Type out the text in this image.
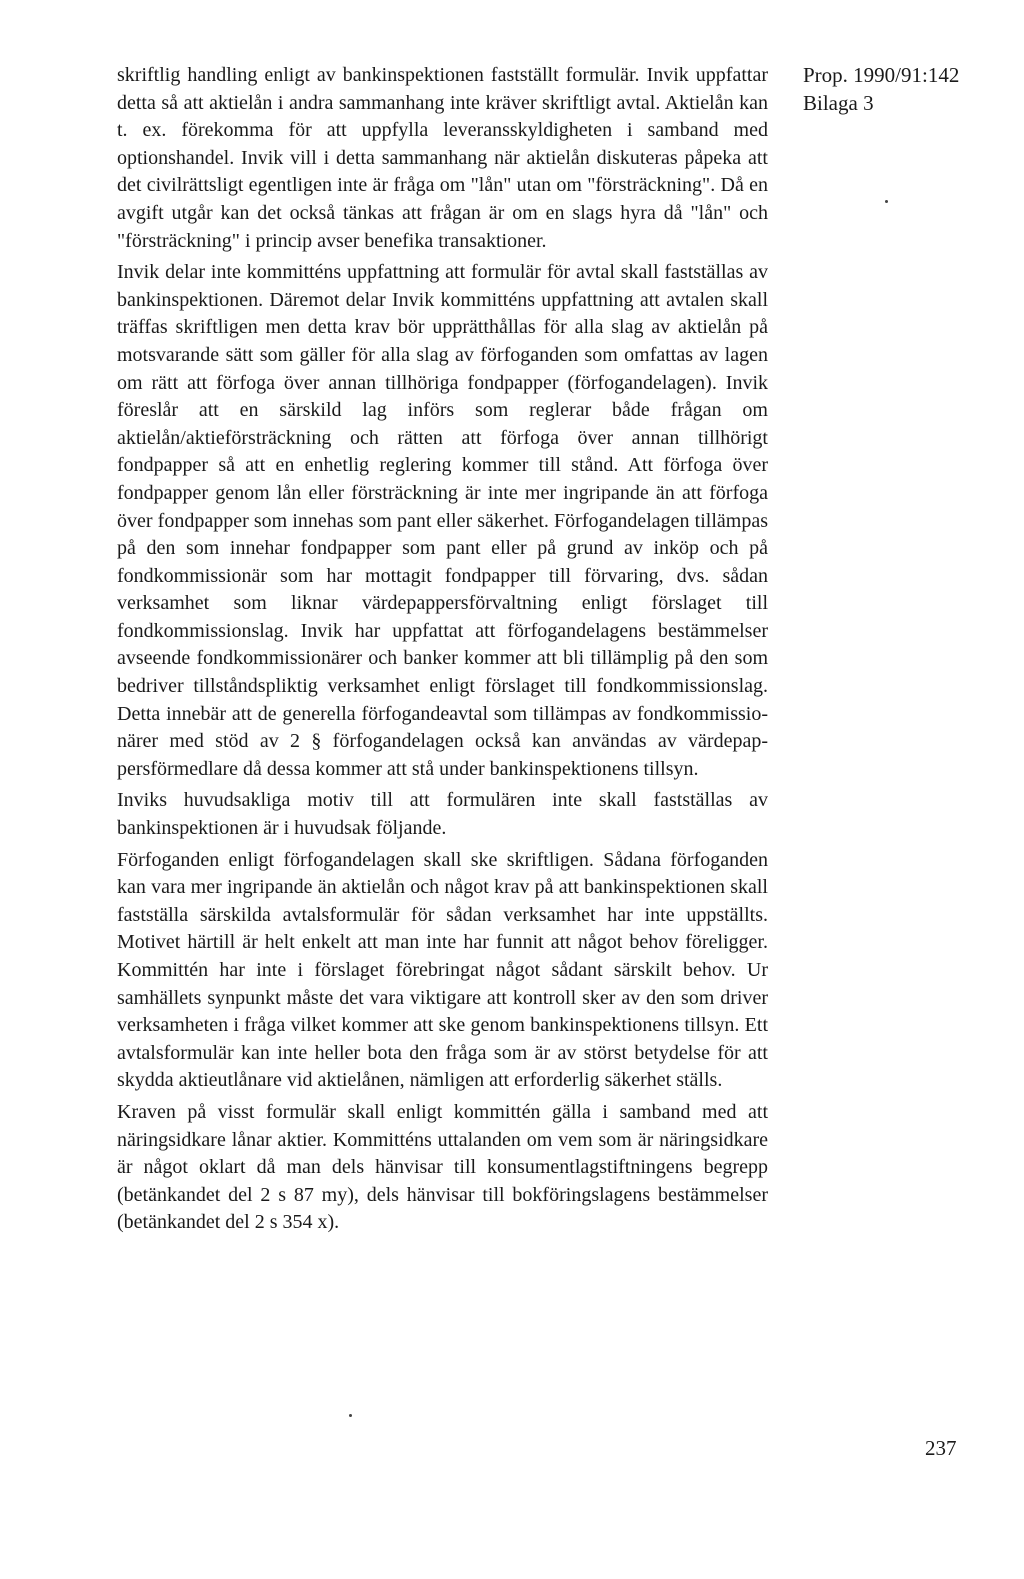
Prop. 1990/91:142
Bilaga 3

skriftlig handling enligt av bankinspektionen fastställt formulär. Invik uppfattar detta så att aktielån i andra sammanhang inte kräver skriftligt avtal. Aktielån kan t. ex. förekomma för att uppfylla leveransskyldigheten i samband med optionshandel. Invik vill i detta sammanhang när aktielån diskuteras påpeka att det civilrättsligt egentligen inte är fråga om "lån" utan om "försträckning". Då en avgift utgår kan det också tänkas att frågan är om en slags hyra då "lån" och "försträckning" i princip avser benefika transaktioner.

Invik delar inte kommitténs uppfattning att formulär för avtal skall fastställas av bankinspektionen. Däremot delar Invik kommitténs uppfattning att avtalen skall träffas skriftligen men detta krav bör upprätthållas för alla slag av aktielån på motsvarande sätt som gäller för alla slag av förfoganden som omfattas av lagen om rätt att förfoga över annan tillhöriga fondpapper (förfogandelagen). Invik föreslår att en särskild lag införs som reglerar både frågan om aktielån/aktieförsträckning och rätten att förfoga över annan tillhörigt fondpapper så att en enhetlig reglering kommer till stånd. Att förfoga över fondpapper genom lån eller försträckning är inte mer ingripande än att förfoga över fondpapper som innehas som pant eller säkerhet. Förfogandelagen tillämpas på den som innehar fondpapper som pant eller på grund av inköp och på fondkommissionär som har mottagit fondpapper till förvaring, dvs. sådan verksamhet som liknar värdepappersförvaltning enligt förslaget till fondkommissionslag. Invik har uppfattat att förfogandelagens bestämmelser avseende fondkommissionärer och banker kommer att bli tillämplig på den som bedriver tillståndspliktig verksamhet enligt förslaget till fondkommissionslag. Detta innebär att de generella förfogandeavtal som tillämpas av fondkommissionärer med stöd av 2 § förfogandelagen också kan användas av värdepappersförmedlare då dessa kommer att stå under bankinspektionens tillsyn.

Inviks huvudsakliga motiv till att formulären inte skall fastställas av bankinspektionen är i huvudsak följande.

Förfoganden enligt förfogandelagen skall ske skriftligen. Sådana förfoganden kan vara mer ingripande än aktielån och något krav på att bankinspektionen skall fastställa särskilda avtalsformulär för sådan verksamhet har inte uppställts. Motivet härtill är helt enkelt att man inte har funnit att något behov föreligger. Kommittén har inte i förslaget förebringat något sådant särskilt behov. Ur samhällets synpunkt måste det vara viktigare att kontroll sker av den som driver verksamheten i fråga vilket kommer att ske genom bankinspektionens tillsyn. Ett avtalsformulär kan inte heller bota den fråga som är av störst betydelse för att skydda aktieutlånare vid aktielånen, nämligen att erforderlig säkerhet ställs.

Kraven på visst formulär skall enligt kommittén gälla i samband med att näringsidkare lånar aktier. Kommitténs uttalanden om vem som är näringsidkare är något oklart då man dels hänvisar till konsumentlagstiftningens begrepp (betänkandet del 2 s 87 my), dels hänvisar till bokföringslagens bestämmelser (betänkandet del 2 s 354 x).

237
